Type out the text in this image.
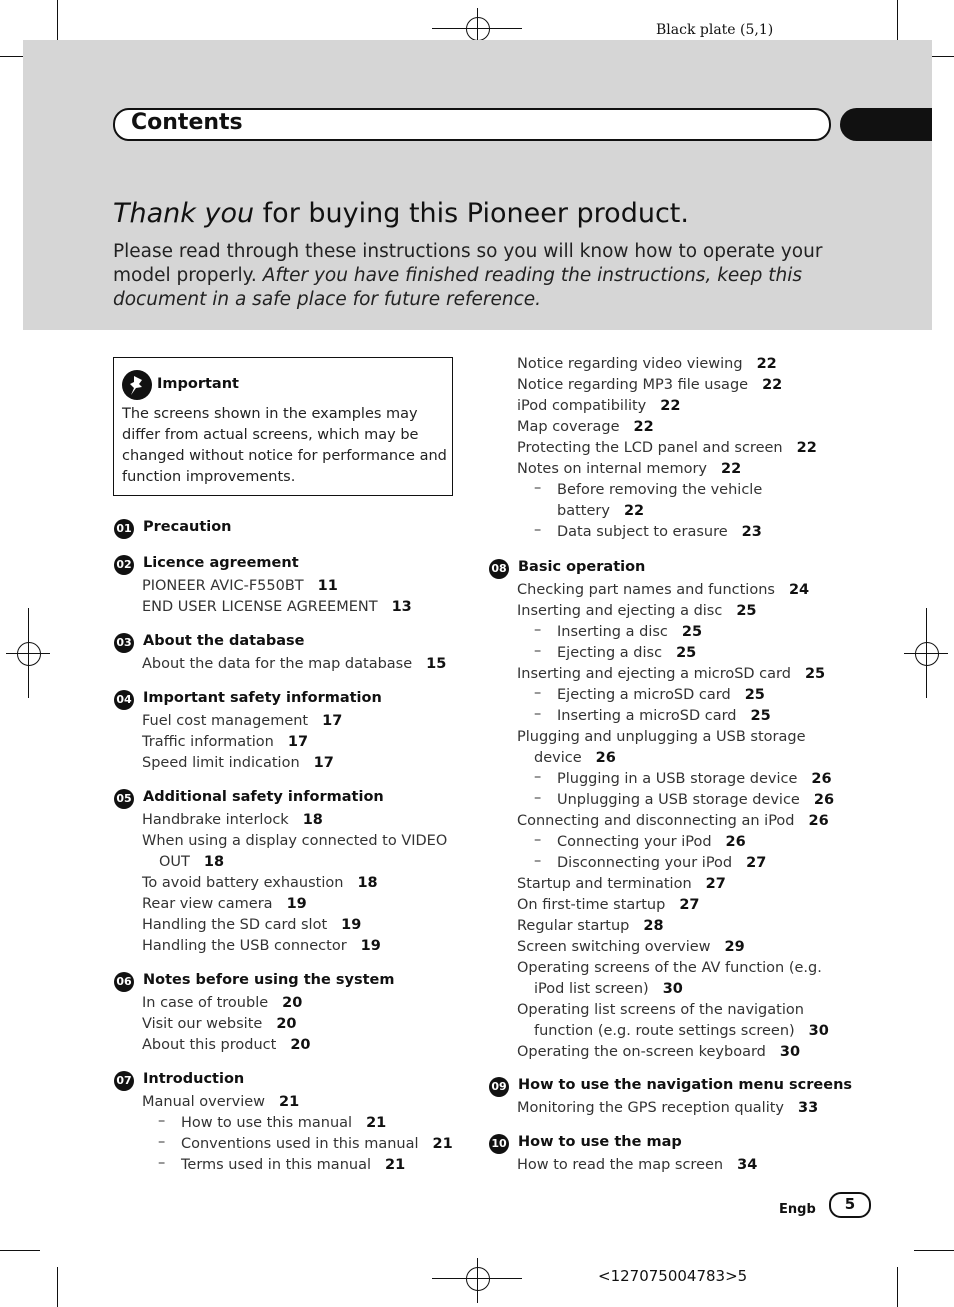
Black plate (5,1)
Contents
Thank you for buying this Pioneer product.
Please read through these instructions so you will know how to operate your model properly. After you have finished reading the instructions, keep this document in a safe place for future reference.
Important
The screens shown in the examples may differ from actual screens, which may be changed without notice for performance and function improvements.
01 Precaution
02 Licence agreement
PIONEER AVIC-F550BT 11
END USER LICENSE AGREEMENT 13
03 About the database
About the data for the map database 15
04 Important safety information
Fuel cost management 17
Traffic information 17
Speed limit indication 17
05 Additional safety information
Handbrake interlock 18
When using a display connected to VIDEO
OUT 18
To avoid battery exhaustion 18
Rear view camera 19
Handling the SD card slot 19
Handling the USB connector 19
06 Notes before using the system
In case of trouble 20
Visit our website 20
About this product 20
07 Introduction
Manual overview 21
– How to use this manual 21
– Conventions used in this manual 21
– Terms used in this manual 21
Notice regarding video viewing 22
Notice regarding MP3 file usage 22
iPod compatibility 22
Map coverage 22
Protecting the LCD panel and screen 22
Notes on internal memory 22
– Before removing the vehicle
battery 22
– Data subject to erasure 23
08 Basic operation
Checking part names and functions 24
Inserting and ejecting a disc 25
– Inserting a disc 25
– Ejecting a disc 25
Inserting and ejecting a microSD card 25
– Ejecting a microSD card 25
– Inserting a microSD card 25
Plugging and unplugging a USB storage
device 26
– Plugging in a USB storage device 26
– Unplugging a USB storage device 26
Connecting and disconnecting an iPod 26
– Connecting your iPod 26
– Disconnecting your iPod 27
Startup and termination 27
On first-time startup 27
Regular startup 28
Screen switching overview 29
Operating screens of the AV function (e.g.
iPod list screen) 30
Operating list screens of the navigation
function (e.g. route settings screen) 30
Operating the on-screen keyboard 30
09 How to use the navigation menu screens
Monitoring the GPS reception quality 33
10 How to use the map
How to read the map screen 34
Engb	5
<127075004783>5
